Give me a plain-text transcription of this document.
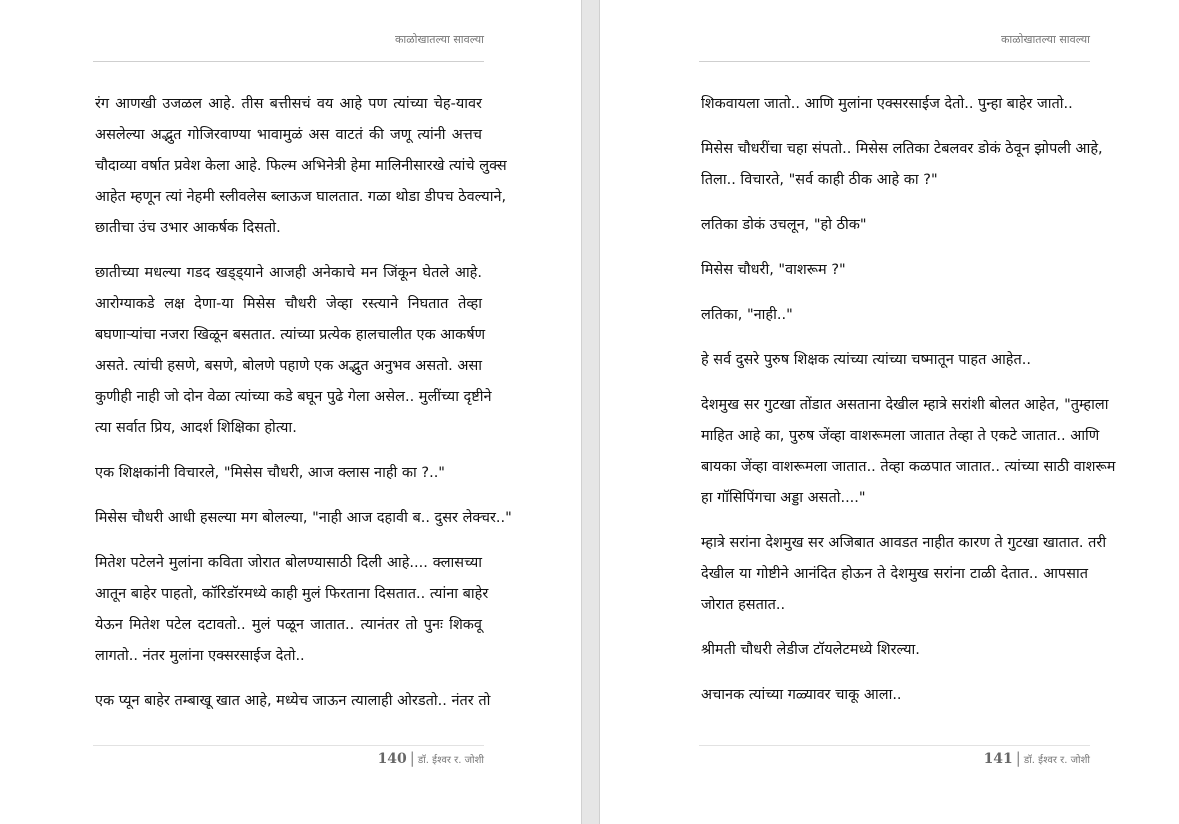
काळोखातल्या सावल्या
रंग आणखी उजळल आहे. तीस बत्तीसचं वय आहे पण त्यांच्या चेह-यावर
असलेल्या अद्भुत गोजिरवाण्या भावामुळं अस वाटतं की जणू त्यांनी अत्तच
चौदाव्या वर्षात प्रवेश केला आहे. फिल्म अभिनेत्री हेमा मालिनीसारखे त्यांचे लुक्स
आहेत म्हणून त्यां नेहमी स्लीवलेस ब्लाऊज घालतात. गळा थोडा डीपच ठेवल्याने,
छातीचा उंच उभार आकर्षक दिसतो.
छातीच्या मधल्या गडद खड्ड्याने आजही अनेकाचे मन जिंकून घेतले आहे.
आरोग्याकडे लक्ष देणा-या मिसेस चौधरी जेव्हा रस्त्याने निघतात तेव्हा
बघणाऱ्यांचा नजरा खिळून बसतात. त्यांच्या प्रत्येक हालचालीत एक आकर्षण
असते. त्यांची हसणे, बसणे, बोलणे पहाणे एक अद्भुत अनुभव असतो. असा
कुणीही नाही जो दोन वेळा त्यांच्या कडे बघून पुढे गेला असेल.. मुलींच्या दृष्टीने
त्या सर्वात प्रिय, आदर्श शिक्षिका होत्या.
एक शिक्षकांनी विचारले, "मिसेस चौधरी, आज क्लास नाही का ?.."
मिसेस चौधरी आधी हसल्या मग बोलल्या, "नाही आज दहावी ब.. दुसर लेक्चर.."
मितेश पटेलने मुलांना कविता जोरात बोलण्यासाठी दिली आहे.... क्लासच्या
आतून बाहेर पाहतो, कॉरिडॉरमध्ये काही मुलं फिरताना दिसतात.. त्यांना बाहेर
येऊन मितेश पटेल दटावतो.. मुलं पळून जातात.. त्यानंतर तो पुनः शिकवू
लागतो.. नंतर मुलांना एक्सरसाईज देतो..
एक प्यून बाहेर तम्बाखू खात आहे, मध्येच जाऊन त्यालाही ओरडतो.. नंतर तो
140 | डॉ. ईश्वर र. जोशी
काळोखातल्या सावल्या
शिकवायला जातो.. आणि मुलांना एक्सरसाईज देतो.. पुन्हा बाहेर जातो..
मिसेस चौधरींचा चहा संपतो.. मिसेस लतिका टेबलवर डोकं ठेवून झोपली आहे,
तिला.. विचारते, "सर्व काही ठीक आहे का ?"
लतिका डोकं उचलून, "हो ठीक"
मिसेस चौधरी, "वाशरूम ?"
लतिका, "नाही.."
हे सर्व दुसरे पुरुष शिक्षक त्यांच्या त्यांच्या चष्मातून पाहत आहेत..
देशमुख सर गुटखा तोंडात असताना देखील म्हात्रे सरांशी बोलत आहेत, "तुम्हाला
माहित आहे का, पुरुष जेंव्हा वाशरूमला जातात तेव्हा ते एकटे जातात.. आणि
बायका जेंव्हा वाशरूमला जातात.. तेव्हा कळपात जातात.. त्यांच्या साठी वाशरूम
हा गॉसिपिंगचा अड्डा असतो...."
म्हात्रे सरांना देशमुख सर अजिबात आवडत नाहीत कारण ते गुटखा खातात. तरी
देखील या गोष्टीने आनंदित होऊन ते देशमुख सरांना टाळी देतात.. आपसात
जोरात हसतात..
श्रीमती चौधरी लेडीज टॉयलेटमध्ये शिरल्या.
अचानक त्यांच्या गळ्यावर चाकू आला..
141 | डॉ. ईश्वर र. जोशी
